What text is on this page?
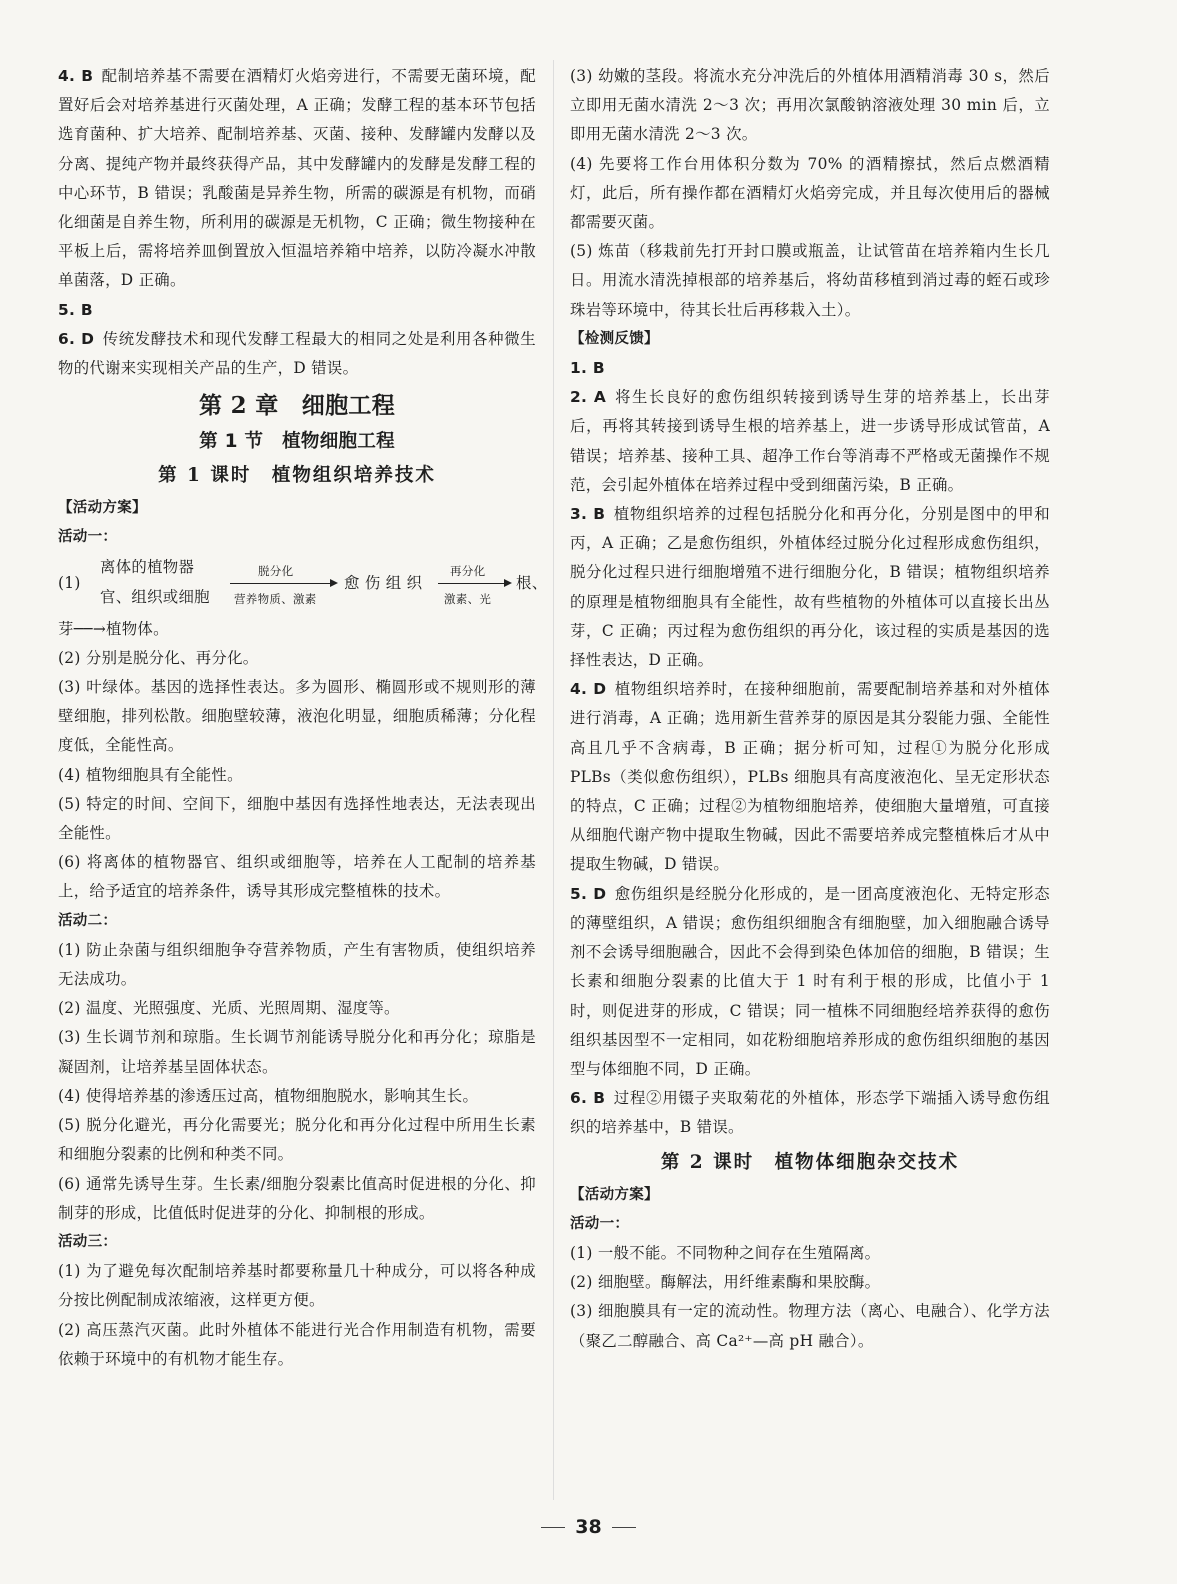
4. B 配制培养基不需要在酒精灯火焰旁进行，不需要无菌环境，配置好后会对培养基进行灭菌处理，A 正确；发酵工程的基本环节包括选育菌种、扩大培养、配制培养基、灭菌、接种、发酵罐内发酵以及分离、提纯产物并最终获得产品，其中发酵罐内的发酵是发酵工程的中心环节，B 错误；乳酸菌是异养生物，所需的碳源是有机物，而硝化细菌是自养生物，所利用的碳源是无机物，C 正确；微生物接种在平板上后，需将培养皿倒置放入恒温培养箱中培养，以防冷凝水冲散单菌落，D 正确。

5. B

6. D 传统发酵技术和现代发酵工程最大的相同之处是利用各种微生物的代谢来实现相关产品的生产，D 错误。

第 2 章　细胞工程
第 1 节　植物细胞工程
第 1 课时　植物组织培养技术

【活动方案】

活动一：

(1)
离体的植物器
官、组织或细胞
脱分化
营养物质、激素
愈 伤 组 织
再分化
激素、光
根、

芽──→植物体。

(2) 分别是脱分化、再分化。

(3) 叶绿体。基因的选择性表达。多为圆形、椭圆形或不规则形的薄壁细胞，排列松散。细胞壁较薄，液泡化明显，细胞质稀薄；分化程度低，全能性高。

(4) 植物细胞具有全能性。

(5) 特定的时间、空间下，细胞中基因有选择性地表达，无法表现出全能性。

(6) 将离体的植物器官、组织或细胞等，培养在人工配制的培养基上，给予适宜的培养条件，诱导其形成完整植株的技术。

活动二：

(1) 防止杂菌与组织细胞争夺营养物质，产生有害物质，使组织培养无法成功。

(2) 温度、光照强度、光质、光照周期、湿度等。

(3) 生长调节剂和琼脂。生长调节剂能诱导脱分化和再分化；琼脂是凝固剂，让培养基呈固体状态。

(4) 使得培养基的渗透压过高，植物细胞脱水，影响其生长。

(5) 脱分化避光，再分化需要光；脱分化和再分化过程中所用生长素和细胞分裂素的比例和种类不同。

(6) 通常先诱导生芽。生长素/细胞分裂素比值高时促进根的分化、抑制芽的形成，比值低时促进芽的分化、抑制根的形成。

活动三：

(1) 为了避免每次配制培养基时都要称量几十种成分，可以将各种成分按比例配制成浓缩液，这样更方便。

(2) 高压蒸汽灭菌。此时外植体不能进行光合作用制造有机物，需要依赖于环境中的有机物才能生存。

(3) 幼嫩的茎段。将流水充分冲洗后的外植体用酒精消毒 30 s，然后立即用无菌水清洗 2～3 次；再用次氯酸钠溶液处理 30 min 后，立即用无菌水清洗 2～3 次。

(4) 先要将工作台用体积分数为 70% 的酒精擦拭，然后点燃酒精灯，此后，所有操作都在酒精灯火焰旁完成，并且每次使用后的器械都需要灭菌。

(5) 炼苗（移栽前先打开封口膜或瓶盖，让试管苗在培养箱内生长几日。用流水清洗掉根部的培养基后，将幼苗移植到消过毒的蛭石或珍珠岩等环境中，待其长壮后再移栽入土）。

【检测反馈】

1. B

2. A 将生长良好的愈伤组织转接到诱导生芽的培养基上，长出芽后，再将其转接到诱导生根的培养基上，进一步诱导形成试管苗，A 错误；培养基、接种工具、超净工作台等消毒不严格或无菌操作不规范，会引起外植体在培养过程中受到细菌污染，B 正确。

3. B 植物组织培养的过程包括脱分化和再分化，分别是图中的甲和丙，A 正确；乙是愈伤组织，外植体经过脱分化过程形成愈伤组织，脱分化过程只进行细胞增殖不进行细胞分化，B 错误；植物组织培养的原理是植物细胞具有全能性，故有些植物的外植体可以直接长出丛芽，C 正确；丙过程为愈伤组织的再分化，该过程的实质是基因的选择性表达，D 正确。

4. D 植物组织培养时，在接种细胞前，需要配制培养基和对外植体进行消毒，A 正确；选用新生营养芽的原因是其分裂能力强、全能性高且几乎不含病毒，B 正确；据分析可知，过程①为脱分化形成 PLBs（类似愈伤组织），PLBs 细胞具有高度液泡化、呈无定形状态的特点，C 正确；过程②为植物细胞培养，使细胞大量增殖，可直接从细胞代谢产物中提取生物碱，因此不需要培养成完整植株后才从中提取生物碱，D 错误。

5. D 愈伤组织是经脱分化形成的，是一团高度液泡化、无特定形态的薄壁组织，A 错误；愈伤组织细胞含有细胞壁，加入细胞融合诱导剂不会诱导细胞融合，因此不会得到染色体加倍的细胞，B 错误；生长素和细胞分裂素的比值大于 1 时有利于根的形成，比值小于 1 时，则促进芽的形成，C 错误；同一植株不同细胞经培养获得的愈伤组织基因型不一定相同，如花粉细胞培养形成的愈伤组织细胞的基因型与体细胞不同，D 正确。

6. B 过程②用镊子夹取菊花的外植体，形态学下端插入诱导愈伤组织的培养基中，B 错误。

第 2 课时　植物体细胞杂交技术

【活动方案】

活动一：

(1) 一般不能。不同物种之间存在生殖隔离。

(2) 细胞壁。酶解法，用纤维素酶和果胶酶。

(3) 细胞膜具有一定的流动性。物理方法（离心、电融合）、化学方法（聚乙二醇融合、高 Ca²⁺—高 pH 融合）。

38
